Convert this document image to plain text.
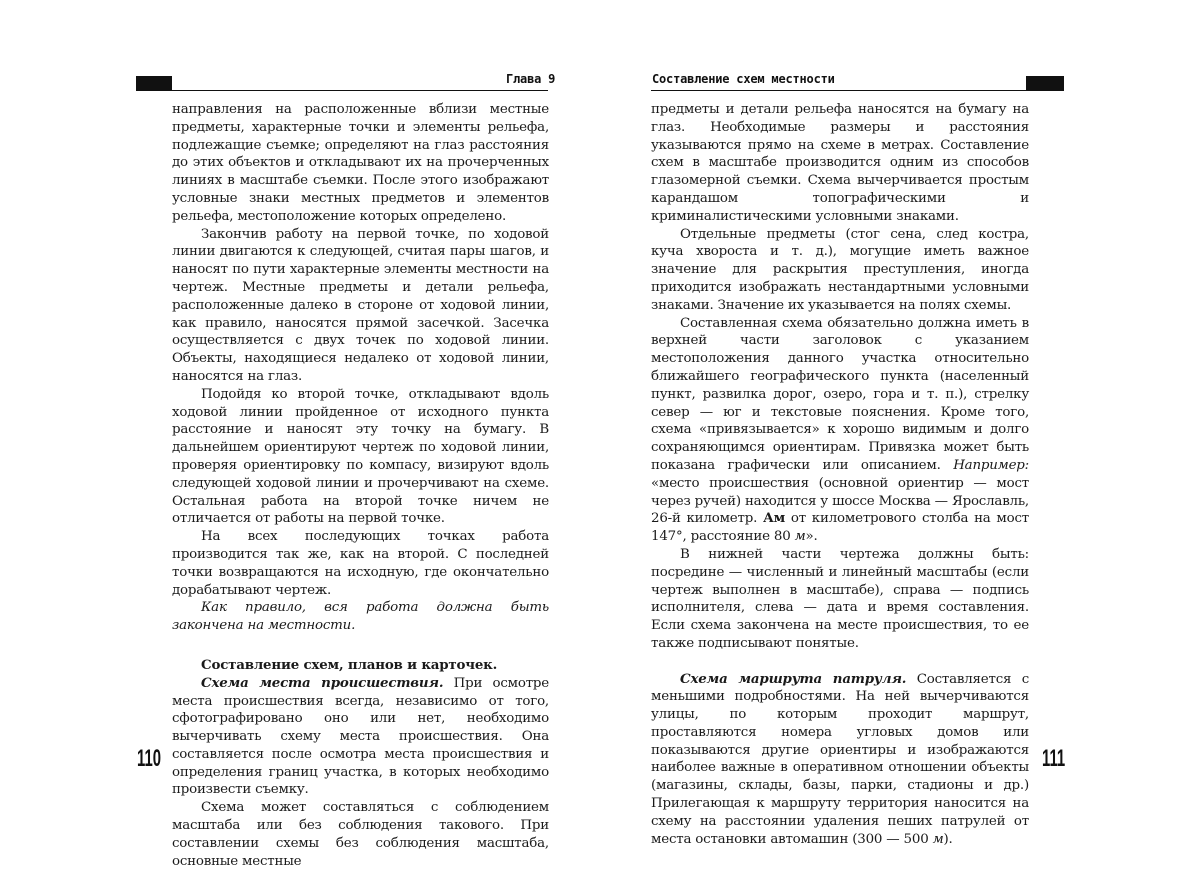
Глава 9

направления на расположенные вблизи местные предметы, характерные точки и элементы рельефа, подлежащие съемке; определяют на глаз расстояния до этих объектов и откладывают их на прочерченных линиях в масштабе съемки. После этого изображают условные знаки местных предметов и элементов рельефа, местоположение которых определено.

Закончив работу на первой точке, по ходовой линии двигаются к следующей, считая пары шагов, и наносят по пути характерные элементы местности на чертеж. Местные предметы и детали рельефа, расположенные далеко в стороне от ходовой линии, как правило, наносятся прямой засечкой. Засечка осуществляется с двух точек по ходовой линии. Объекты, находящиеся недалеко от ходовой линии, наносятся на глаз.

Подойдя ко второй точке, откладывают вдоль ходовой линии пройденное от исходного пункта расстояние и наносят эту точку на бумагу. В дальнейшем ориентируют чертеж по ходовой линии, проверяя ориентировку по компасу, визируют вдоль следующей ходовой линии и прочерчивают на схеме. Остальная работа на второй точке ничем не отличается от работы на первой точке.

На всех последующих точках работа производится так же, как на второй. С последней точки возвращаются на исходную, где окончательно дорабатывают чертеж.

Как правило, вся работа должна быть закончена на местности.

Составление схем, планов и карточек.

Схема места происшествия. При осмотре места происшествия всегда, независимо от того, сфотографировано оно или нет, необходимо вычерчивать схему места происшествия. Она составляется после осмотра места происшествия и определения границ участка, в которых необходимо произвести съемку.

Схема может составляться с соблюдением масштаба или без соблюдения такового. При составлении схемы без соблюдения масштаба, основные местные

110
Составление схем местности

предметы и детали рельефа наносятся на бумагу на глаз. Необходимые размеры и расстояния указываются прямо на схеме в метрах. Составление схем в масштабе производится одним из способов глазомерной съемки. Схема вычерчивается простым карандашом топографическими и криминалистическими условными знаками.

Отдельные предметы (стог сена, след костра, куча хвороста и т. д.), могущие иметь важное значение для раскрытия преступления, иногда приходится изображать нестандартными условными знаками. Значение их указывается на полях схемы.

Составленная схема обязательно должна иметь в верхней части заголовок с указанием местоположения данного участка относительно ближайшего географического пункта (населенный пункт, развилка дорог, озеро, гора и т. п.), стрелку север — юг и текстовые пояснения. Кроме того, схема «привязывается» к хорошо видимым и долго сохраняющимся ориентирам. Привязка может быть показана графически или описанием. Например: «место происшествия (основной ориентир — мост через ручей) находится у шоссе Москва — Ярославль, 26-й километр. Ам от километрового столба на мост 147°, расстояние 80 м».

В нижней части чертежа должны быть: посредине — численный и линейный масштабы (если чертеж выполнен в масштабе), справа — подпись исполнителя, слева — дата и время составления. Если схема закончена на месте происшествия, то ее также подписывают понятые.

Схема маршрута патруля. Составляется с меньшими подробностями. На ней вычерчиваются улицы, по которым проходит маршрут, проставляются номера угловых домов или показываются другие ориентиры и изображаются наиболее важные в оперативном отношении объекты (магазины, склады, базы, парки, стадионы и др.) Прилегающая к маршруту территория наносится на схему на расстоянии удаления пеших патрулей от места остановки автомашин (300 — 500 м).

111
